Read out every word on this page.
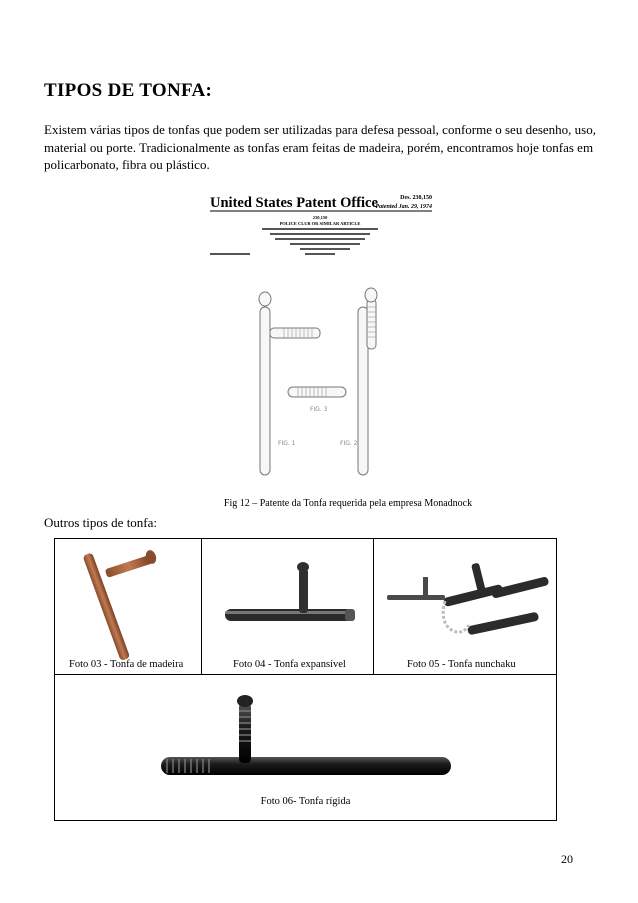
TIPOS DE TONFA:
Existem várias tipos de tonfas que podem ser utilizadas para defesa pessoal, conforme o seu desenho, uso, material ou porte. Tradicionalmente as tonfas eram feitas de madeira, porém, encontramos hoje tonfas em policarbonato, fibra ou plástico.
United States Patent Office	Des. 230,150
Patented Jan. 29, 1974
230,150
POLICE CLUB OR SIMILAR ARTICLE
FIG. 1	FIG. 2
FIG. 3
Fig 12 – Patente da Tonfa requerida pela empresa Monadnock
Outros tipos de tonfa:
Foto 03 - Tonfa de madeira	Foto 04 - Tonfa expansível	Foto 05 - Tonfa nunchaku
Foto 06- Tonfa rígida
20
